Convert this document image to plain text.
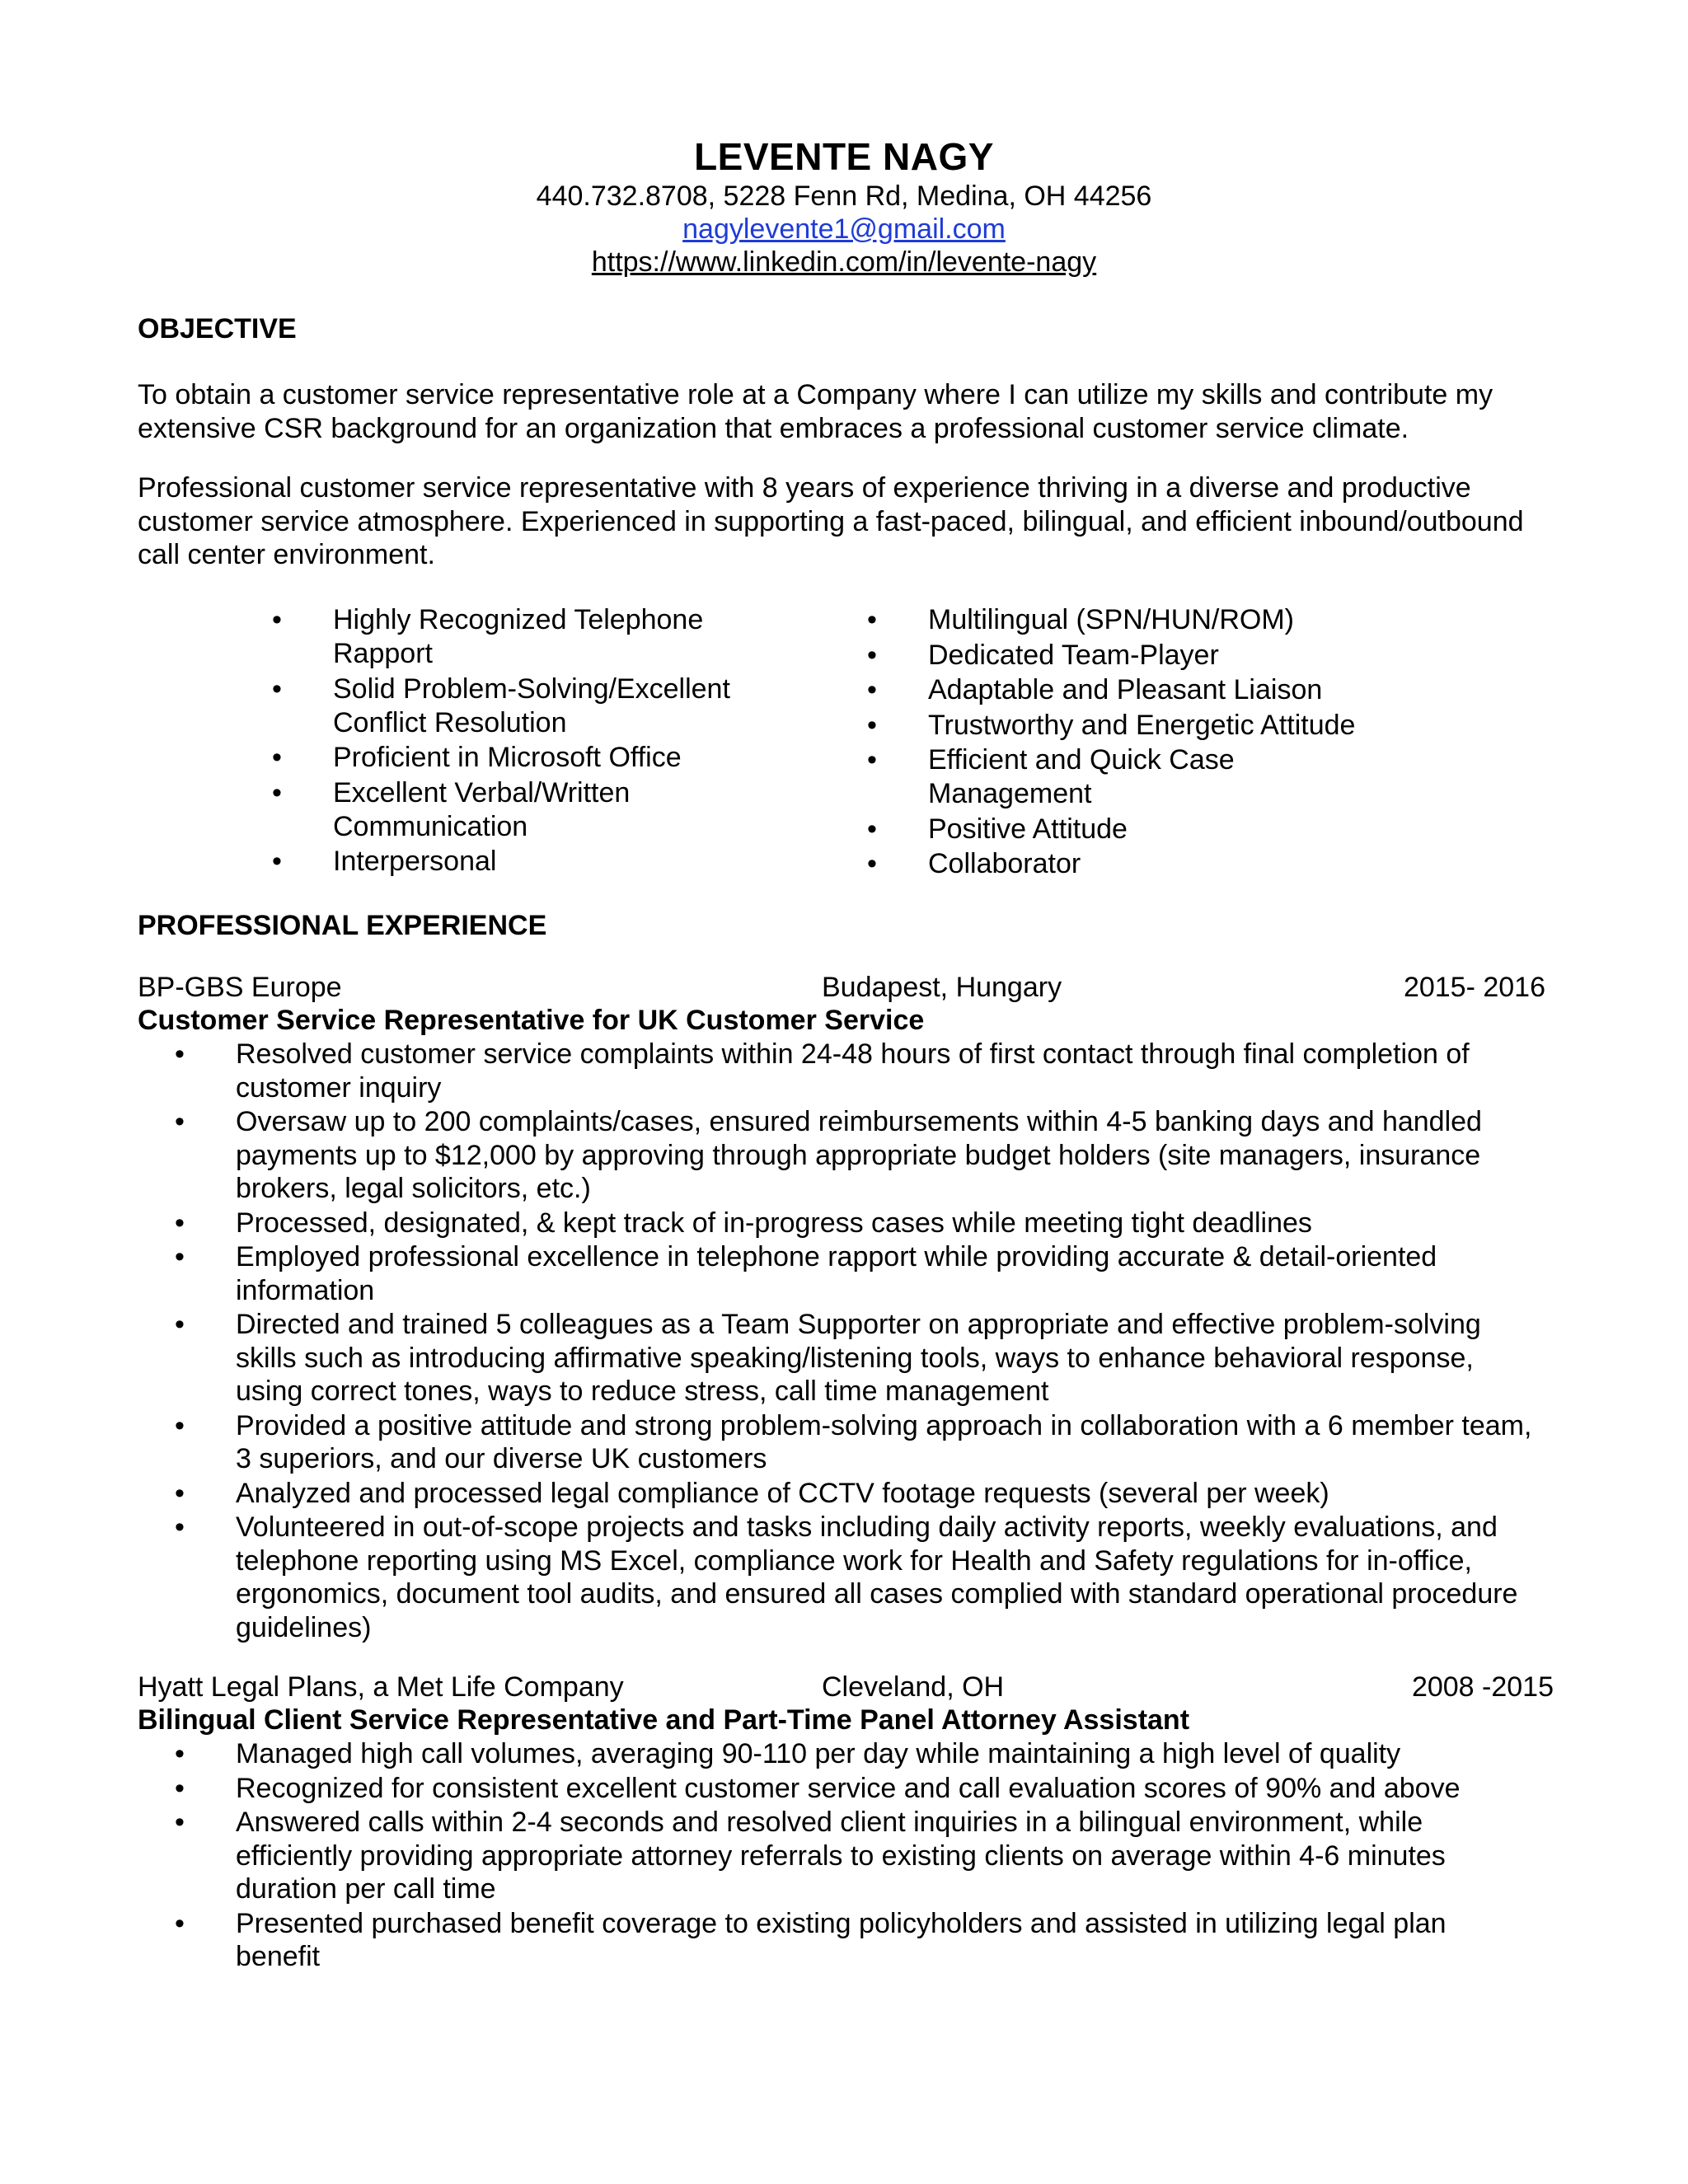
LEVENTE NAGY
440.732.8708, 5228 Fenn Rd, Medina, OH 44256
nagylevente1@gmail.com
https://www.linkedin.com/in/levente-nagy
OBJECTIVE
To obtain a customer service representative role at a Company where I can utilize my skills and contribute my extensive CSR background for an organization that embraces a professional customer service climate.
Professional customer service representative with 8 years of experience thriving in a diverse and productive customer service atmosphere. Experienced in supporting a fast-paced, bilingual, and efficient inbound/outbound call center environment.
• Highly Recognized Telephone Rapport
• Solid Problem-Solving/Excellent Conflict Resolution
• Proficient in Microsoft Office
• Excellent Verbal/Written Communication
• Interpersonal
• Multilingual (SPN/HUN/ROM)
• Dedicated Team-Player
• Adaptable and Pleasant Liaison
• Trustworthy and Energetic Attitude
• Efficient and Quick Case Management
• Positive Attitude
• Collaborator
PROFESSIONAL EXPERIENCE
BP-GBS Europe	Budapest, Hungary	2015- 2016
Customer Service Representative for UK Customer Service
• Resolved customer service complaints within 24-48 hours of first contact through final completion of customer inquiry
• Oversaw up to 200 complaints/cases, ensured reimbursements within 4-5 banking days and handled payments up to $12,000 by approving through appropriate budget holders (site managers, insurance brokers, legal solicitors, etc.)
• Processed, designated, & kept track of in-progress cases while meeting tight deadlines
• Employed professional excellence in telephone rapport while providing accurate & detail-oriented information
• Directed and trained 5 colleagues as a Team Supporter on appropriate and effective problem-solving skills such as introducing affirmative speaking/listening tools, ways to enhance behavioral response, using correct tones, ways to reduce stress, call time management
• Provided a positive attitude and strong problem-solving approach in collaboration with a 6 member team, 3 superiors, and our diverse UK customers
• Analyzed and processed legal compliance of CCTV footage requests (several per week)
• Volunteered in out-of-scope projects and tasks including daily activity reports, weekly evaluations, and telephone reporting using MS Excel, compliance work for Health and Safety regulations for in-office, ergonomics, document tool audits, and ensured all cases complied with standard operational procedure guidelines)
Hyatt Legal Plans, a Met Life Company	Cleveland, OH	2008 -2015
Bilingual Client Service Representative and Part-Time Panel Attorney Assistant
• Managed high call volumes, averaging 90-110 per day while maintaining a high level of quality
• Recognized for consistent excellent customer service and call evaluation scores of 90% and above
• Answered calls within 2-4 seconds and resolved client inquiries in a bilingual environment, while efficiently providing appropriate attorney referrals to existing clients on average within 4-6 minutes duration per call time
• Presented purchased benefit coverage to existing policyholders and assisted in utilizing legal plan benefit
